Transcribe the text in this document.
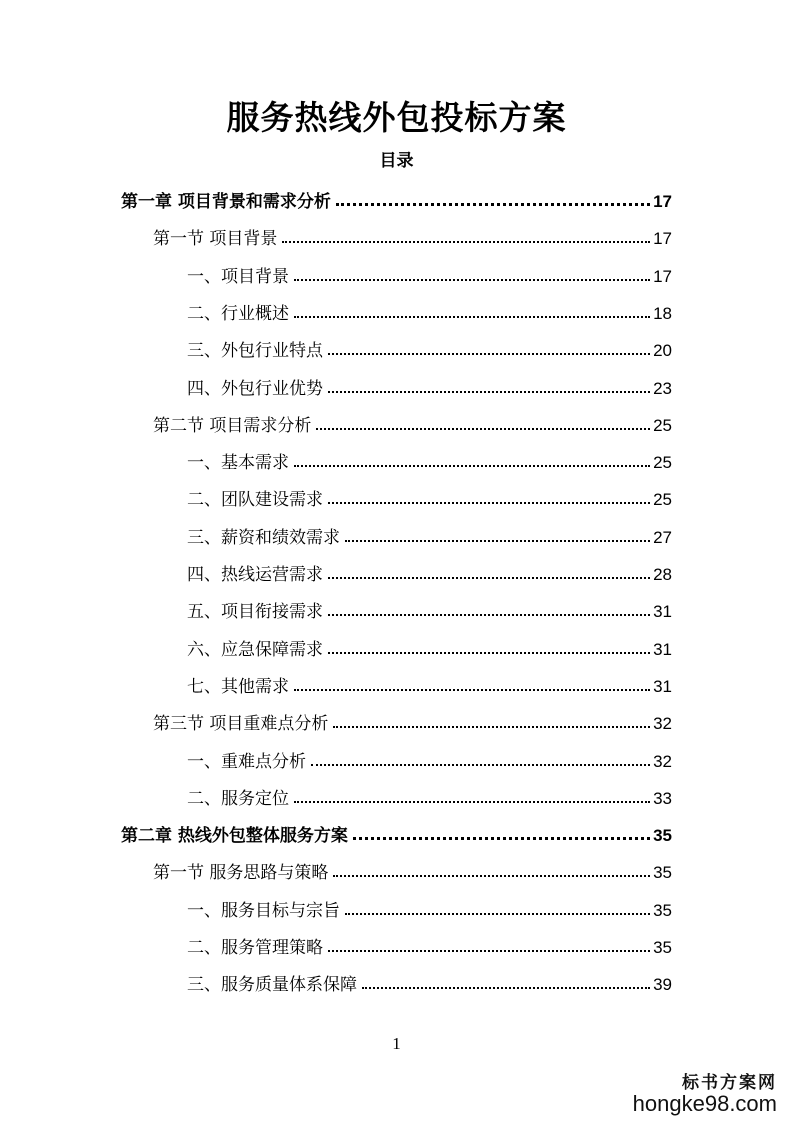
服务热线外包投标方案
目录
第一章 项目背景和需求分析	17
第一节 项目背景	17
一、项目背景	17
二、行业概述	18
三、外包行业特点	20
四、外包行业优势	23
第二节 项目需求分析	25
一、基本需求	25
二、团队建设需求	25
三、薪资和绩效需求	27
四、热线运营需求	28
五、项目衔接需求	31
六、应急保障需求	31
七、其他需求	31
第三节 项目重难点分析	32
一、重难点分析	32
二、服务定位	33
第二章 热线外包整体服务方案	35
第一节 服务思路与策略	35
一、服务目标与宗旨	35
二、服务管理策略	35
三、服务质量体系保障	39
1
标书方案网
hongke98.com
